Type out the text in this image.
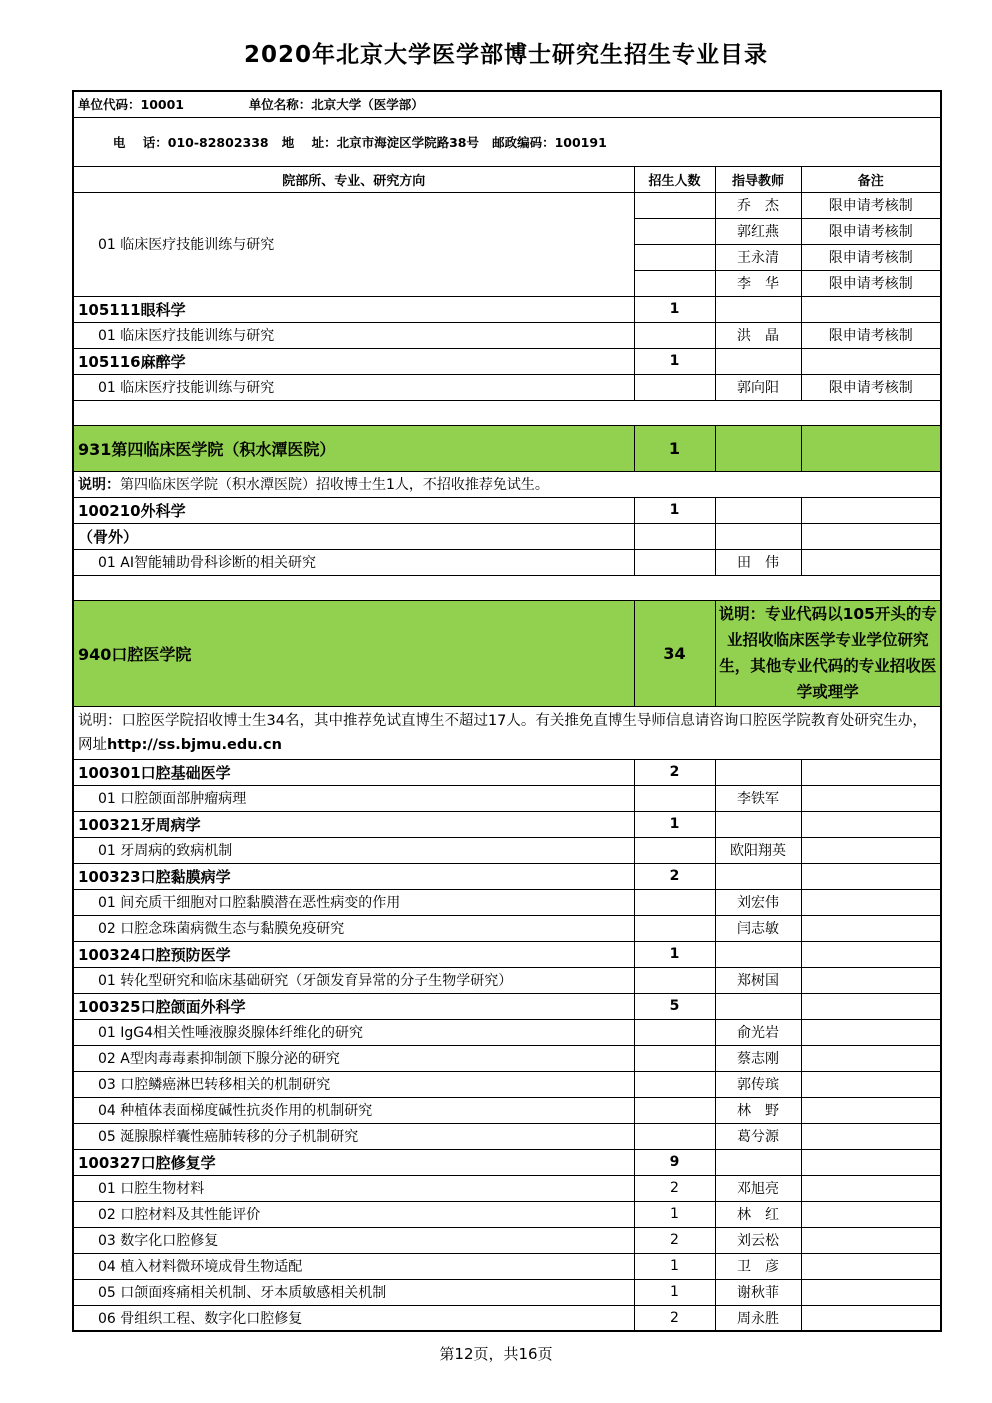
2020年北京大学医学部博士研究生招生专业目录
单位代码：10001 单位名称：北京大学（医学部）			

电    话：010-82802338 地    址：北京市海淀区学院路38号 邮政编码：100191			

院部所、专业、研究方向	招生人数	指导教师	备注
01 临床医疗技能训练与研究		乔　杰	限申请考核制
		郭红燕	限申请考核制
		王永清	限申请考核制
		李　华	限申请考核制
105111眼科学	1		
01 临床医疗技能训练与研究		洪　晶	限申请考核制
105116麻醉学	1		
01 临床医疗技能训练与研究		郭向阳	限申请考核制

931第四临床医学院（积水潭医院）	1		
说明：第四临床医学院（积水潭医院）招收博士生1人，不招收推荐免试生。			
100210外科学	1		
（骨外）			
01 AI智能辅助骨科诊断的相关研究		田　伟	

940口腔医学院	34	说明：专业代码以105开头的专业招收临床医学专业学位研究生，其他专业代码的专业招收医学或理学	
说明：口腔医学院招收博士生34名，其中推荐免试直博生不超过17人。有关推免直博生导师信息请咨询口腔医学院教育处研究生办，网址http://ss.bjmu.edu.cn			
100301口腔基础医学	2		
01 口腔颌面部肿瘤病理		李铁军	
100321牙周病学	1		
01 牙周病的致病机制		欧阳翔英	
100323口腔黏膜病学	2		
01 间充质干细胞对口腔黏膜潜在恶性病变的作用		刘宏伟	
02 口腔念珠菌病微生态与黏膜免疫研究		闫志敏	
100324口腔预防医学	1		
01 转化型研究和临床基础研究（牙颌发育异常的分子生物学研究）		郑树国	
100325口腔颌面外科学	5		
01 IgG4相关性唾液腺炎腺体纤维化的研究		俞光岩	
02 A型肉毒毒素抑制颌下腺分泌的研究		蔡志刚	
03 口腔鳞癌淋巴转移相关的机制研究		郭传瑸	
04 种植体表面梯度碱性抗炎作用的机制研究		林　野	
05 涎腺腺样囊性癌肺转移的分子机制研究		葛兮源	
100327口腔修复学	9		
01 口腔生物材料	2	邓旭亮	
02 口腔材料及其性能评价	1	林　红	
03 数字化口腔修复	2	刘云松	
04 植入材料微环境成骨生物适配	1	卫　彦	
05 口颌面疼痛相关机制、牙本质敏感相关机制	1	谢秋菲	
06 骨组织工程、数字化口腔修复	2	周永胜	
第12页，共16页
